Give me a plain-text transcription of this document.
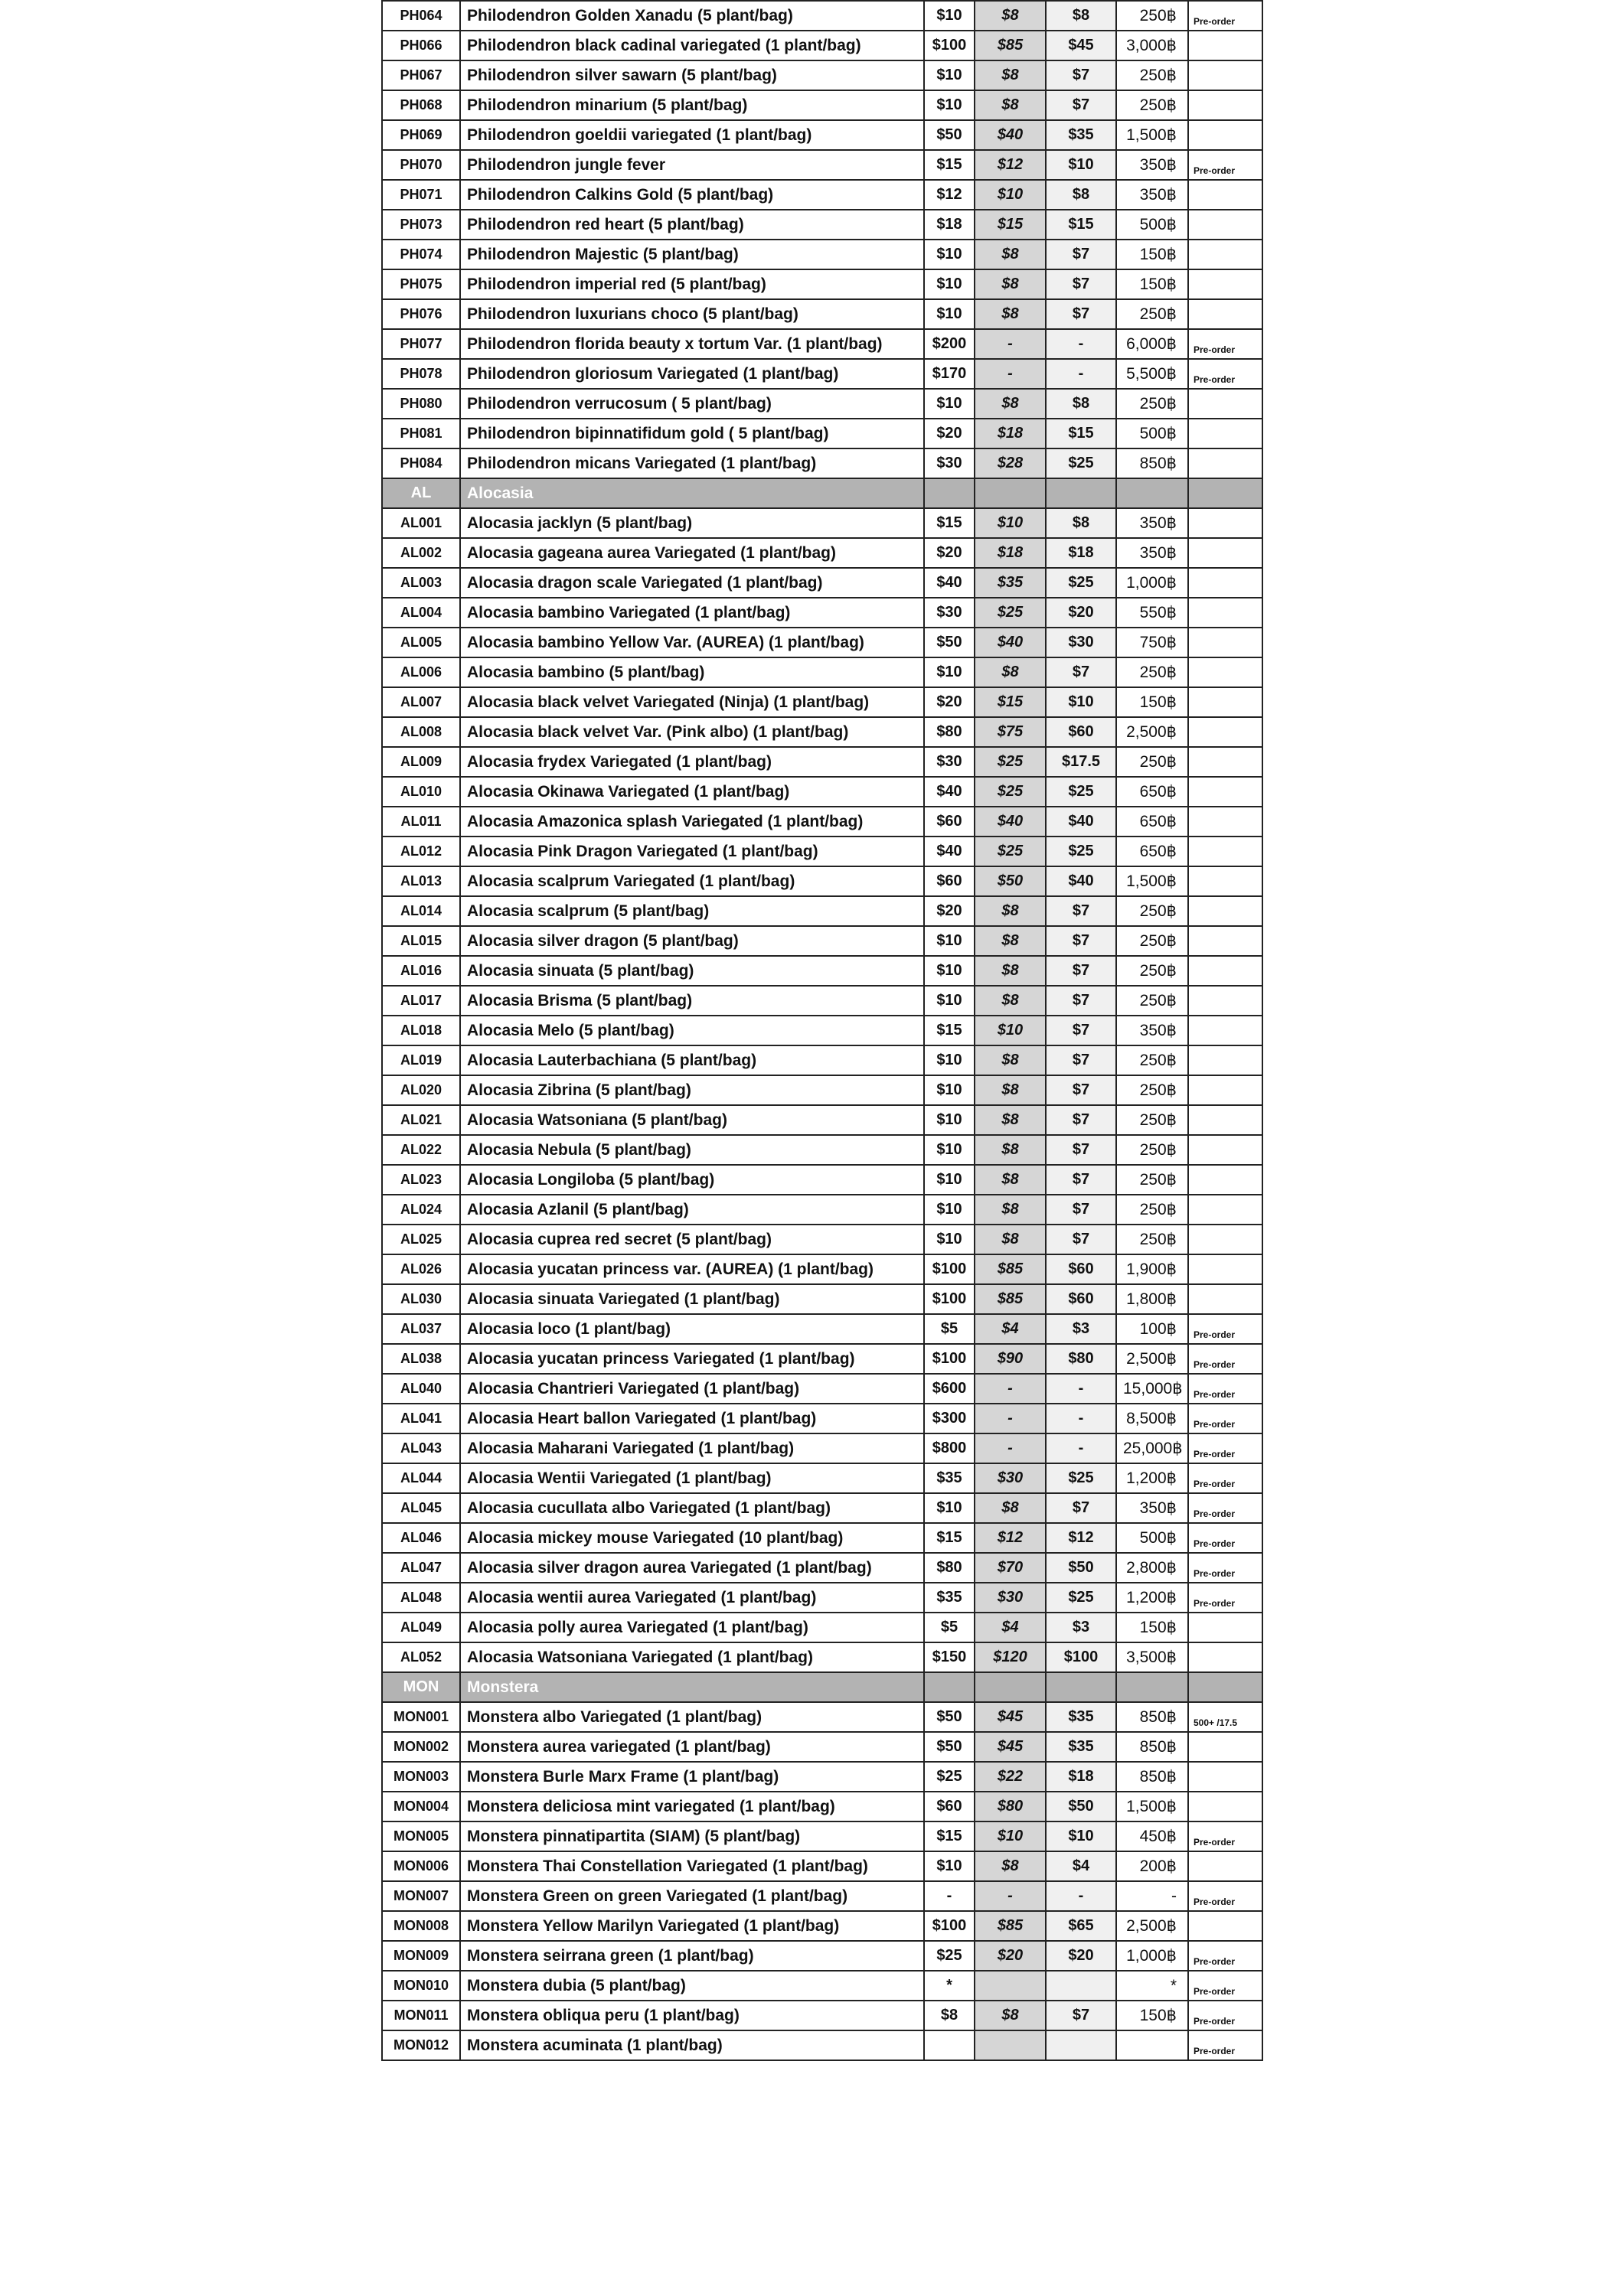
PH064	Philodendron Golden Xanadu (5 plant/bag)	$10	$8	$8	250฿	Pre-order
PH066	Philodendron black cadinal variegated (1 plant/bag)	$100	$85	$45	3,000฿	
PH067	Philodendron silver sawarn (5 plant/bag)	$10	$8	$7	250฿	
PH068	Philodendron minarium (5 plant/bag)	$10	$8	$7	250฿	
PH069	Philodendron goeldii variegated (1 plant/bag)	$50	$40	$35	1,500฿	
PH070	Philodendron jungle fever	$15	$12	$10	350฿	Pre-order
PH071	Philodendron Calkins Gold (5 plant/bag)	$12	$10	$8	350฿	
PH073	Philodendron red heart (5 plant/bag)	$18	$15	$15	500฿	
PH074	Philodendron Majestic (5 plant/bag)	$10	$8	$7	150฿	
PH075	Philodendron imperial red (5 plant/bag)	$10	$8	$7	150฿	
PH076	Philodendron luxurians choco (5 plant/bag)	$10	$8	$7	250฿	
PH077	Philodendron florida beauty x tortum Var. (1 plant/bag)	$200	-	-	6,000฿	Pre-order
PH078	Philodendron gloriosum Variegated (1 plant/bag)	$170	-	-	5,500฿	Pre-order
PH080	Philodendron verrucosum ( 5 plant/bag)	$10	$8	$8	250฿	
PH081	Philodendron bipinnatifidum gold ( 5 plant/bag)	$20	$18	$15	500฿	
PH084	Philodendron micans Variegated (1 plant/bag)	$30	$28	$25	850฿	
AL	Alocasia					
AL001	Alocasia jacklyn (5 plant/bag)	$15	$10	$8	350฿	
AL002	Alocasia gageana aurea Variegated (1 plant/bag)	$20	$18	$18	350฿	
AL003	Alocasia dragon scale Variegated (1 plant/bag)	$40	$35	$25	1,000฿	
AL004	Alocasia bambino Variegated (1 plant/bag)	$30	$25	$20	550฿	
AL005	Alocasia bambino Yellow Var. (AUREA) (1 plant/bag)	$50	$40	$30	750฿	
AL006	Alocasia bambino (5 plant/bag)	$10	$8	$7	250฿	
AL007	Alocasia black velvet Variegated (Ninja) (1 plant/bag)	$20	$15	$10	150฿	
AL008	Alocasia black velvet Var. (Pink albo) (1 plant/bag)	$80	$75	$60	2,500฿	
AL009	Alocasia frydex Variegated (1 plant/bag)	$30	$25	$17.5	250฿	
AL010	Alocasia Okinawa Variegated (1 plant/bag)	$40	$25	$25	650฿	
AL011	Alocasia Amazonica splash Variegated (1 plant/bag)	$60	$40	$40	650฿	
AL012	Alocasia Pink Dragon Variegated (1 plant/bag)	$40	$25	$25	650฿	
AL013	Alocasia scalprum Variegated (1 plant/bag)	$60	$50	$40	1,500฿	
AL014	Alocasia scalprum (5 plant/bag)	$20	$8	$7	250฿	
AL015	Alocasia silver dragon (5 plant/bag)	$10	$8	$7	250฿	
AL016	Alocasia sinuata (5 plant/bag)	$10	$8	$7	250฿	
AL017	Alocasia Brisma (5 plant/bag)	$10	$8	$7	250฿	
AL018	Alocasia Melo (5 plant/bag)	$15	$10	$7	350฿	
AL019	Alocasia Lauterbachiana (5 plant/bag)	$10	$8	$7	250฿	
AL020	Alocasia Zibrina (5 plant/bag)	$10	$8	$7	250฿	
AL021	Alocasia Watsoniana (5 plant/bag)	$10	$8	$7	250฿	
AL022	Alocasia Nebula (5 plant/bag)	$10	$8	$7	250฿	
AL023	Alocasia Longiloba (5 plant/bag)	$10	$8	$7	250฿	
AL024	Alocasia Azlanil (5 plant/bag)	$10	$8	$7	250฿	
AL025	Alocasia cuprea red secret (5 plant/bag)	$10	$8	$7	250฿	
AL026	Alocasia yucatan princess var. (AUREA) (1 plant/bag)	$100	$85	$60	1,900฿	
AL030	Alocasia sinuata Variegated (1 plant/bag)	$100	$85	$60	1,800฿	
AL037	Alocasia loco (1 plant/bag)	$5	$4	$3	100฿	Pre-order
AL038	Alocasia yucatan princess Variegated (1 plant/bag)	$100	$90	$80	2,500฿	Pre-order
AL040	Alocasia Chantrieri Variegated (1 plant/bag)	$600	-	-	15,000฿	Pre-order
AL041	Alocasia Heart ballon Variegated (1 plant/bag)	$300	-	-	8,500฿	Pre-order
AL043	Alocasia Maharani Variegated (1 plant/bag)	$800	-	-	25,000฿	Pre-order
AL044	Alocasia Wentii Variegated (1 plant/bag)	$35	$30	$25	1,200฿	Pre-order
AL045	Alocasia cucullata albo Variegated (1 plant/bag)	$10	$8	$7	350฿	Pre-order
AL046	Alocasia mickey mouse Variegated (10 plant/bag)	$15	$12	$12	500฿	Pre-order
AL047	Alocasia silver dragon aurea Variegated (1 plant/bag)	$80	$70	$50	2,800฿	Pre-order
AL048	Alocasia wentii aurea Variegated (1 plant/bag)	$35	$30	$25	1,200฿	Pre-order
AL049	Alocasia polly aurea Variegated (1 plant/bag)	$5	$4	$3	150฿	
AL052	Alocasia Watsoniana Variegated (1 plant/bag)	$150	$120	$100	3,500฿	
MON	Monstera					
MON001	Monstera albo Variegated (1 plant/bag)	$50	$45	$35	850฿	500+ /17.5
MON002	Monstera aurea variegated (1 plant/bag)	$50	$45	$35	850฿	
MON003	Monstera Burle Marx Frame (1 plant/bag)	$25	$22	$18	850฿	
MON004	Monstera deliciosa mint variegated (1 plant/bag)	$60	$80	$50	1,500฿	
MON005	Monstera pinnatipartita (SIAM) (5 plant/bag)	$15	$10	$10	450฿	Pre-order
MON006	Monstera Thai Constellation Variegated (1 plant/bag)	$10	$8	$4	200฿	
MON007	Monstera Green on green Variegated (1 plant/bag)	-	-	-	-	Pre-order
MON008	Monstera Yellow Marilyn Variegated (1 plant/bag)	$100	$85	$65	2,500฿	
MON009	Monstera seirrana green (1 plant/bag)	$25	$20	$20	1,000฿	Pre-order
MON010	Monstera dubia (5 plant/bag)	*			*	Pre-order
MON011	Monstera obliqua peru (1 plant/bag)	$8	$8	$7	150฿	Pre-order
MON012	Monstera acuminata (1 plant/bag)					Pre-order
